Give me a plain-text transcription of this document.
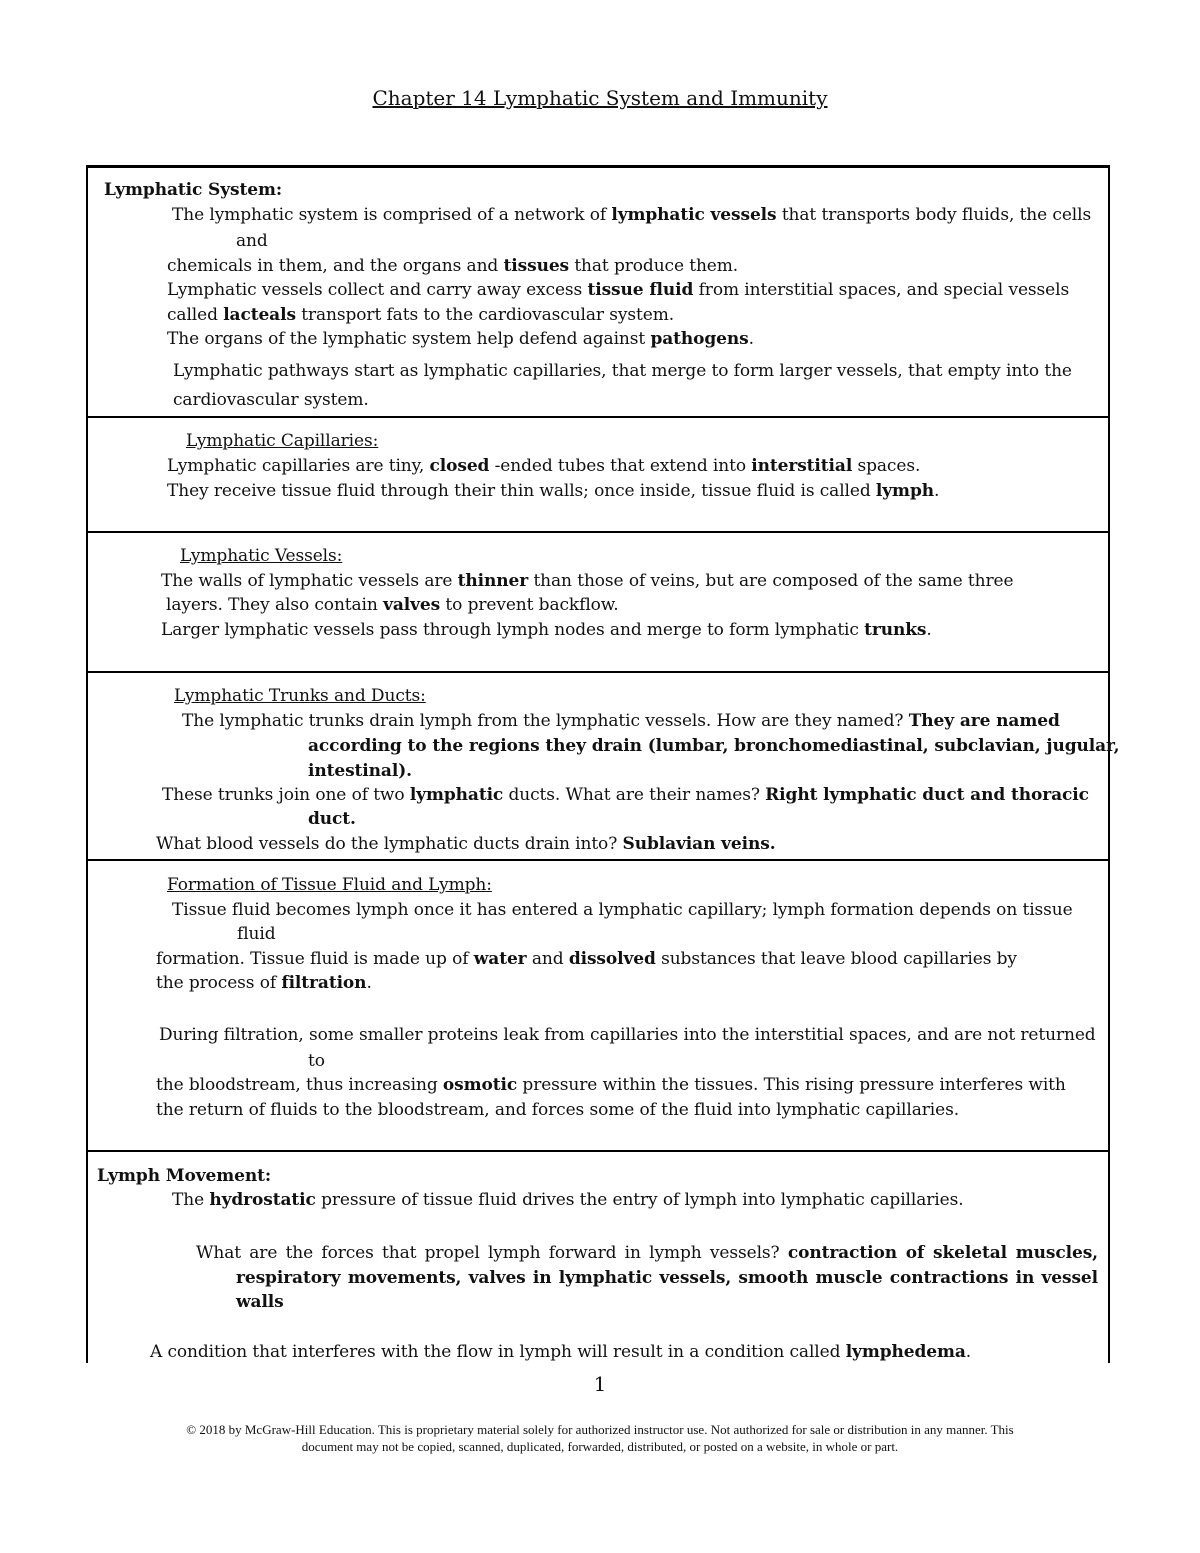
Chapter 14 Lymphatic System and Immunity
Lymphatic System:
The lymphatic system is comprised of a network of lymphatic vessels that transports body fluids, the cells
and
chemicals in them, and the organs and tissues that produce them.
Lymphatic vessels collect and carry away excess tissue fluid from interstitial spaces, and special vessels
called lacteals transport fats to the cardiovascular system.
The organs of the lymphatic system help defend against pathogens.
Lymphatic pathways start as lymphatic capillaries, that merge to form larger vessels, that empty into the
cardiovascular system.
Lymphatic Capillaries:
Lymphatic capillaries are tiny, closed -ended tubes that extend into interstitial spaces.
They receive tissue fluid through their thin walls; once inside, tissue fluid is called lymph.
Lymphatic Vessels:
The walls of lymphatic vessels are thinner than those of veins, but are composed of the same three
layers. They also contain valves to prevent backflow.
Larger lymphatic vessels pass through lymph nodes and merge to form lymphatic trunks.
Lymphatic Trunks and Ducts:
The lymphatic trunks drain lymph from the lymphatic vessels. How are they named? They are named
according to the regions they drain (lumbar, bronchomediastinal, subclavian, jugular,
intestinal).
These trunks join one of two lymphatic ducts. What are their names? Right lymphatic duct and thoracic
duct.
What blood vessels do the lymphatic ducts drain into? Sublavian veins.
Formation of Tissue Fluid and Lymph:
Tissue fluid becomes lymph once it has entered a lymphatic capillary; lymph formation depends on tissue
fluid
formation. Tissue fluid is made up of water and dissolved substances that leave blood capillaries by
the process of filtration.
During filtration, some smaller proteins leak from capillaries into the interstitial spaces, and are not returned
to
the bloodstream, thus increasing osmotic pressure within the tissues. This rising pressure interferes with
the return of fluids to the bloodstream, and forces some of the fluid into lymphatic capillaries.
Lymph Movement:
The hydrostatic pressure of tissue fluid drives the entry of lymph into lymphatic capillaries.
What are the forces that propel lymph forward in lymph vessels? contraction of skeletal muscles,
respiratory movements, valves in lymphatic vessels, smooth muscle contractions in vessel
walls
A condition that interferes with the flow in lymph will result in a condition called lymphedema.
1
© 2018 by McGraw-Hill Education. This is proprietary material solely for authorized instructor use. Not authorized for sale or distribution in any manner. This
document may not be copied, scanned, duplicated, forwarded, distributed, or posted on a website, in whole or part.
